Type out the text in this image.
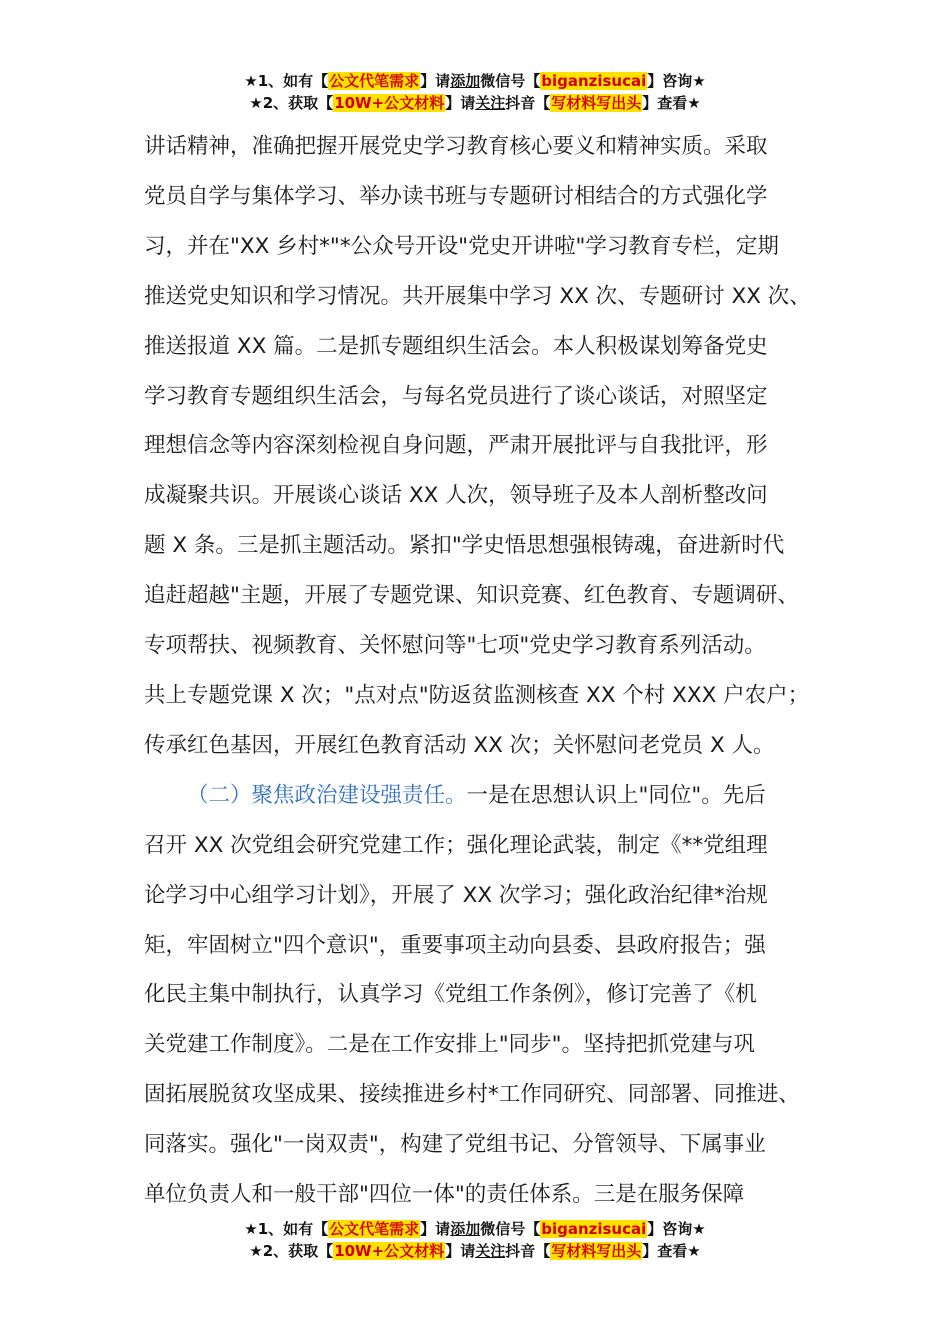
★1、如有【公文代笔需求】请添加微信号【biganzisucai】咨询★
★2、获取【10W+公文材料】请关注抖音【写材料写出头】查看★

讲话精神，准确把握开展党史学习教育核心要义和精神实质。采取

党员自学与集体学习、举办读书班与专题研讨相结合的方式强化学

习，并在"XX 乡村*"*公众号开设"党史开讲啦"学习教育专栏，定期

推送党史知识和学习情况。共开展集中学习 XX 次、专题研讨 XX 次、

推送报道 XX 篇。二是抓专题组织生活会。本人积极谋划筹备党史

学习教育专题组织生活会，与每名党员进行了谈心谈话，对照坚定

理想信念等内容深刻检视自身问题，严肃开展批评与自我批评，形

成凝聚共识。开展谈心谈话 XX 人次，领导班子及本人剖析整改问

题 X 条。三是抓主题活动。紧扣"学史悟思想强根铸魂，奋进新时代

追赶超越"主题，开展了专题党课、知识竞赛、红色教育、专题调研、

专项帮扶、视频教育、关怀慰问等"七项"党史学习教育系列活动。

共上专题党课 X 次；"点对点"防返贫监测核查 XX 个村 XXX 户农户；

传承红色基因，开展红色教育活动 XX 次；关怀慰问老党员 X 人。

（二）聚焦政治建设强责任。一是在思想认识上"同位"。先后

召开 XX 次党组会研究党建工作；强化理论武装，制定《**党组理

论学习中心组学习计划》，开展了 XX 次学习；强化政治纪律*治规

矩，牢固树立"四个意识"，重要事项主动向县委、县政府报告；强

化民主集中制执行，认真学习《党组工作条例》，修订完善了《机

关党建工作制度》。二是在工作安排上"同步"。坚持把抓党建与巩

固拓展脱贫攻坚成果、接续推进乡村*工作同研究、同部署、同推进、

同落实。强化"一岗双责"，构建了党组书记、分管领导、下属事业

单位负责人和一般干部"四位一体"的责任体系。三是在服务保障

★1、如有【公文代笔需求】请添加微信号【biganzisucai】咨询★
★2、获取【10W+公文材料】请关注抖音【写材料写出头】查看★
